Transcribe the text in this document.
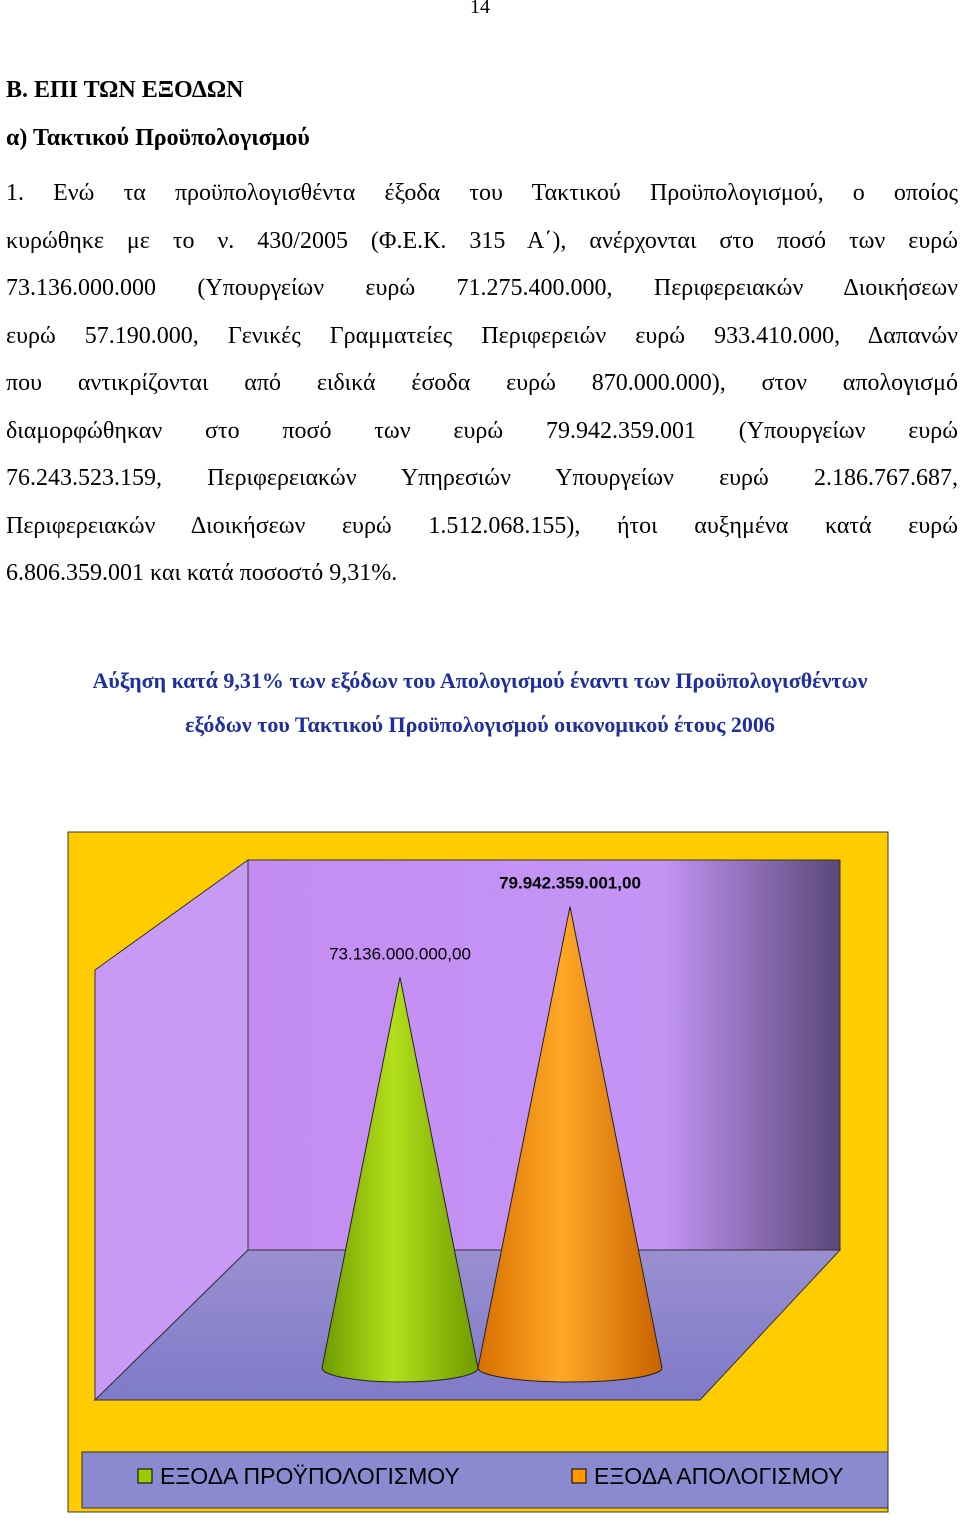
14
Β. ΕΠΙ ΤΩΝ ΕΞΟΔΩΝ
α) Τακτικού Προϋπολογισμού
1. Ενώ τα προϋπολογισθέντα έξοδα του Τακτικού Προϋπολογισμού, ο οποίος
κυρώθηκε με το ν. 430/2005 (Φ.Ε.Κ. 315 Α΄), ανέρχονται στο ποσό των ευρώ
73.136.000.000 (Υπουργείων ευρώ 71.275.400.000, Περιφερειακών Διοικήσεων
ευρώ 57.190.000, Γενικές Γραμματείες Περιφερειών ευρώ 933.410.000, Δαπανών
που αντικρίζονται από ειδικά έσοδα ευρώ 870.000.000), στον απολογισμό
διαμορφώθηκαν στο ποσό των ευρώ 79.942.359.001 (Υπουργείων ευρώ
76.243.523.159, Περιφερειακών Υπηρεσιών Υπουργείων ευρώ 2.186.767.687,
Περιφερειακών Διοικήσεων ευρώ 1.512.068.155), ήτοι αυξημένα κατά ευρώ
6.806.359.001 και κατά ποσοστό 9,31%.
Αύξηση κατά 9,31% των εξόδων του Απολογισμού έναντι των Προϋπολογισθέντων
εξόδων του Τακτικού Προϋπολογισμού οικονομικού έτους 2006
73.136.000.000,00
79.942.359.001,00
ΕΞΟΔΑ ΠΡΟΫΠΟΛΟΓΙΣΜΟΥ	ΕΞΟΔΑ ΑΠΟΛΟΓΙΣΜΟΥ
